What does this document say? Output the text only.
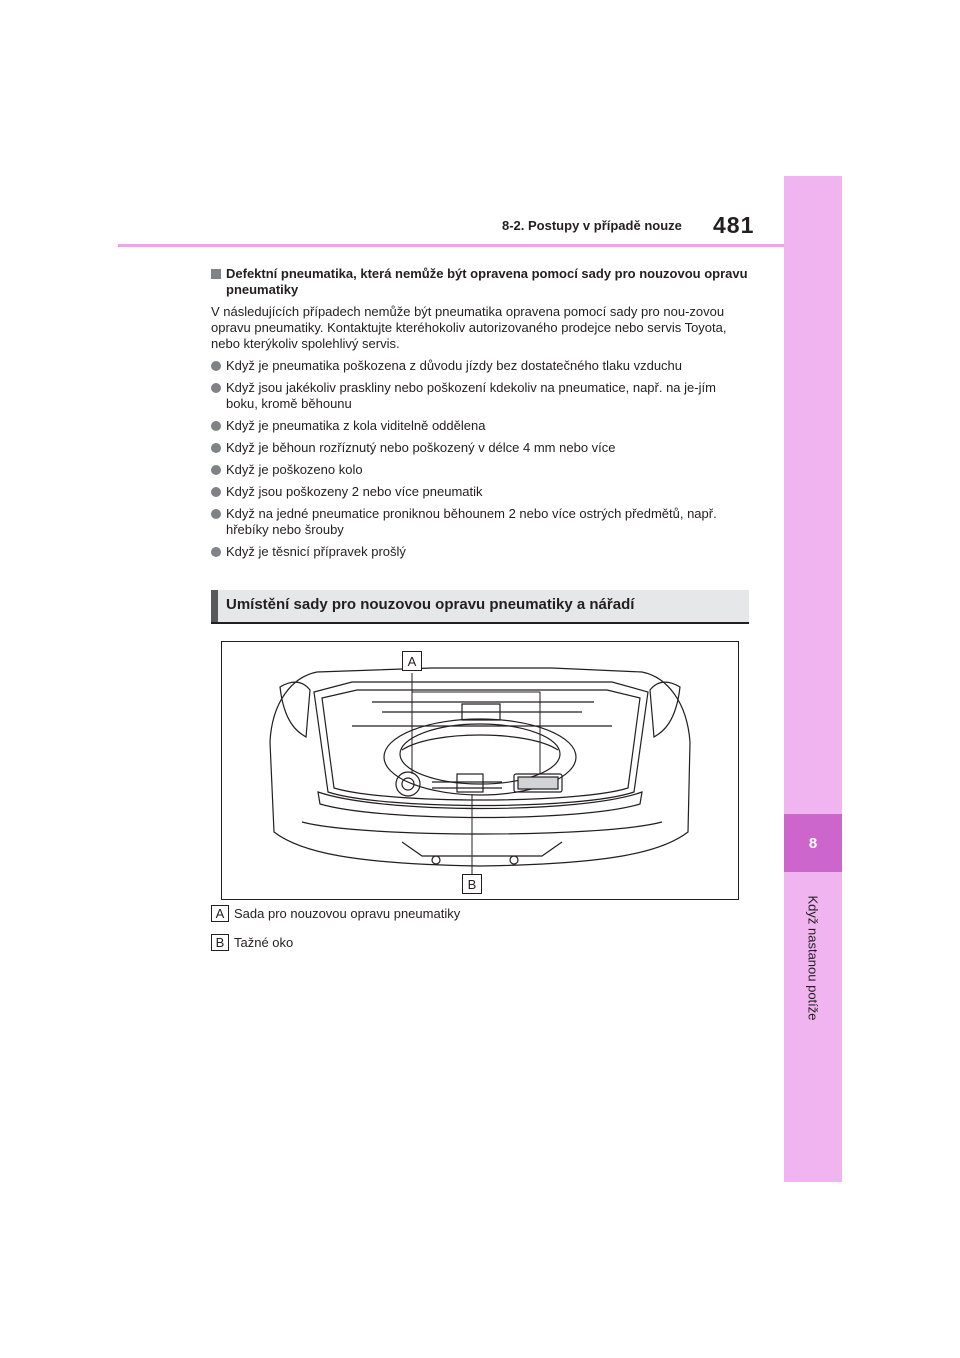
8
Když nastanou potíže
8-2. Postupy v případě nouze 481
Defektní pneumatika, která nemůže být opravena pomocí sady pro nouzovou opravu pneumatiky
V následujících případech nemůže být pneumatika opravena pomocí sady pro nou-zovou opravu pneumatiky. Kontaktujte kteréhokoliv autorizovaného prodejce nebo servis Toyota, nebo kterýkoliv spolehlivý servis.
Když je pneumatika poškozena z důvodu jízdy bez dostatečného tlaku vzduchu
Když jsou jakékoliv praskliny nebo poškození kdekoliv na pneumatice, např. na je-jím boku, kromě běhounu
Když je pneumatika z kola viditelně oddělena
Když je běhoun rozříznutý nebo poškozený v délce 4 mm nebo více
Když je poškozeno kolo
Když jsou poškozeny 2 nebo více pneumatik
Když na jedné pneumatice proniknou běhounem 2 nebo více ostrých předmětů, např. hřebíky nebo šrouby
Když je těsnicí přípravek prošlý
Umístění sady pro nouzovou opravu pneumatiky a nářadí
A
B
A Sada pro nouzovou opravu pneumatiky
B Tažné oko
